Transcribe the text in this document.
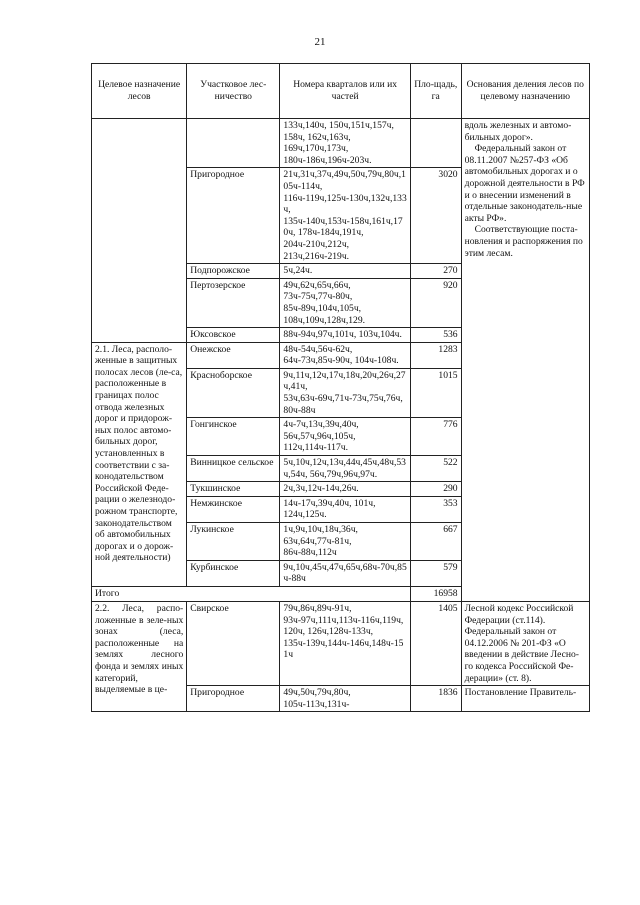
21
Целевое назначение лесов	Участковое лес-ничество	Номера кварталов или их частей	Пло-щадь, га	Основания деления лесов по целевому назначению
		133ч,140ч, 150ч,151ч,157ч, 158ч, 162ч,163ч, 169ч,170ч,173ч, 180ч-186ч,196ч-203ч.		вдоль железных и автомо-бильных дорог».

Федеральный закон от 08.11.2007 №257-ФЗ «Об автомобильных дорогах и о дорожной деятельности в РФ и о внесении изменений в отдельные законодатель-ные акты РФ».

Соответствующие поста-новления и распоряжения по этим лесам.

	Пригородное	21ч,31ч,37ч,49ч,50ч,79ч,80ч,105ч-114ч, 116ч-119ч,125ч-130ч,132ч,133ч, 135ч-140ч,153ч-158ч,161ч,170ч, 178ч-184ч,191ч, 204ч-210ч,212ч, 213ч,216ч-219ч.	3020	
	Подпорожское	5ч,24ч.	270	
	Пертозерское	49ч,62ч,65ч,66ч, 73ч-75ч,77ч-80ч, 85ч-89ч,104ч,105ч, 108ч,109ч,128ч,129.	920	
	Юксовское	88ч-94ч,97ч,101ч, 103ч,104ч.	536	
2.1. Леса, располо-женные в защитных полосах лесов (ле-са, расположенные в границах полос отвода железных дорог и придорож-ных полос автомо-бильных дорог, установленных в соответствии с за-конодательством Российской Феде-рации о железнодо-рожном транспорте, законодательством об автомобильных дорогах и о дорож-ной деятельности)	Онежское	48ч-54ч,56ч-62ч, 64ч-73ч,85ч-90ч, 104ч-108ч.	1283	
	Красноборское	9ч,11ч,12ч,17ч,18ч,20ч,26ч,27ч,41ч, 53ч,63ч-69ч,71ч-73ч,75ч,76ч,80ч-88ч	1015	
	Гонгинское	4ч-7ч,13ч,39ч,40ч, 56ч,57ч,96ч,105ч, 112ч,114ч-117ч.	776	
	Винницкое сельское	5ч,10ч,12ч,13ч,44ч,45ч,48ч,53ч,54ч, 56ч,79ч,96ч,97ч.	522	
	Тукшинское	2ч,3ч,12ч-14ч,26ч.	290	
	Немжинское	14ч-17ч,39ч,40ч, 101ч, 124ч,125ч.	353	
	Лукинское	1ч,9ч,10ч,18ч,36ч, 63ч,64ч,77ч-81ч, 86ч-88ч,112ч	667	
	Курбинское	9ч,10ч,45ч,47ч,65ч,68ч-70ч,85ч-88ч	579	
Итого			16958	
2.2. Леса, распо-ложенные в зеле-ных зонах (леса, расположенные на землях лесного фонда и землях иных категорий, выделяемые в це-	Свирское	79ч,86ч,89ч-91ч, 93ч-97ч,111ч,113ч-116ч,119ч,120ч, 126ч,128ч-133ч, 135ч-139ч,144ч-146ч,148ч-151ч	1405	Лесной кодекс Российской Федерации (ст.114).

Федеральный закон от 04.12.2006 № 201-ФЗ «О введении в действие Лесно-го кодекса Российской Фе-дерации» (ст. 8).

	Пригородное	49ч,50ч,79ч,80ч, 105ч-113ч,131ч-	1836	Постановление Правитель-
